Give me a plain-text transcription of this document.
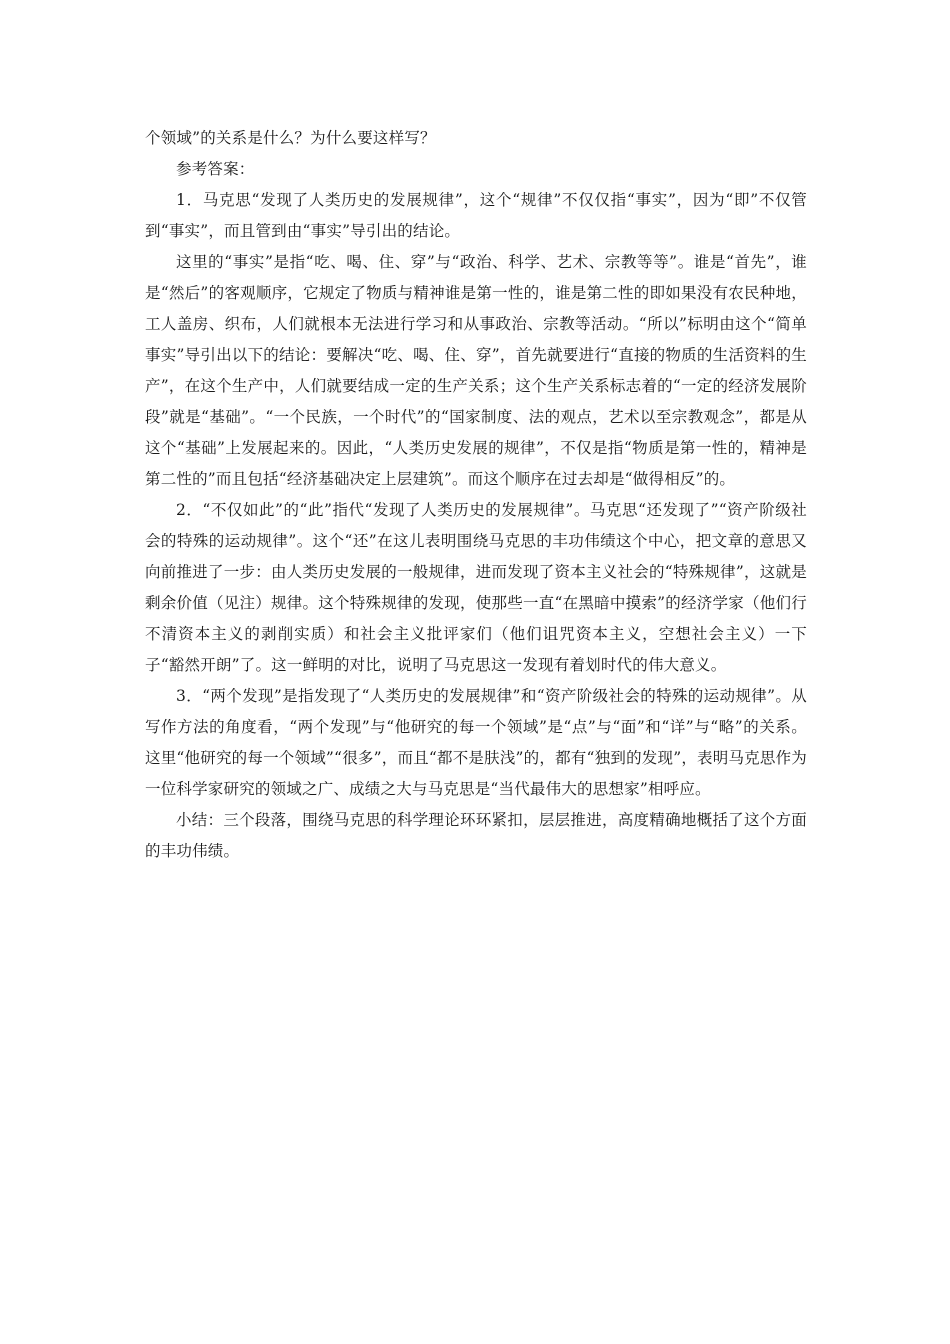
个领域”的关系是什么？为什么要这样写？

参考答案：

1．马克思“发现了人类历史的发展规律”，这个“规律”不仅仅指“事实”，因为“即”不仅管到“事实”，而且管到由“事实”导引出的结论。

这里的“事实”是指“吃、喝、住、穿”与“政治、科学、艺术、宗教等等”。谁是“首先”，谁是“然后”的客观顺序，它规定了物质与精神谁是第一性的，谁是第二性的即如果没有农民种地，工人盖房、织布，人们就根本无法进行学习和从事政治、宗教等活动。“所以”标明由这个“简单事实”导引出以下的结论：要解决“吃、喝、住、穿”，首先就要进行“直接的物质的生活资料的生产”，在这个生产中，人们就要结成一定的生产关系；这个生产关系标志着的“一定的经济发展阶段”就是“基础”。“一个民族，一个时代”的“国家制度、法的观点，艺术以至宗教观念”，都是从这个“基础”上发展起来的。因此，“人类历史发展的规律”，不仅是指“物质是第一性的，精神是第二性的”而且包括“经济基础决定上层建筑”。而这个顺序在过去却是“做得相反”的。

2．“不仅如此”的“此”指代“发现了人类历史的发展规律”。马克思“还发现了”“资产阶级社会的特殊的运动规律”。这个“还”在这儿表明围绕马克思的丰功伟绩这个中心，把文章的意思又向前推进了一步：由人类历史发展的一般规律，进而发现了资本主义社会的“特殊规律”，这就是剩余价值（见注）规律。这个特殊规律的发现，使那些一直“在黑暗中摸索”的经济学家（他们行不清资本主义的剥削实质）和社会主义批评家们（他们诅咒资本主义，空想社会主义）一下子“豁然开朗”了。这一鲜明的对比，说明了马克思这一发现有着划时代的伟大意义。

3．“两个发现”是指发现了“人类历史的发展规律”和“资产阶级社会的特殊的运动规律”。从写作方法的角度看，“两个发现”与“他研究的每一个领域”是“点”与“面”和“详”与“略”的关系。这里“他研究的每一个领域”“很多”，而且“都不是肤浅”的，都有“独到的发现”，表明马克思作为一位科学家研究的领域之广、成绩之大与马克思是“当代最伟大的思想家”相呼应。

小结：三个段落，围绕马克思的科学理论环环紧扣，层层推进，高度精确地概括了这个方面的丰功伟绩。
